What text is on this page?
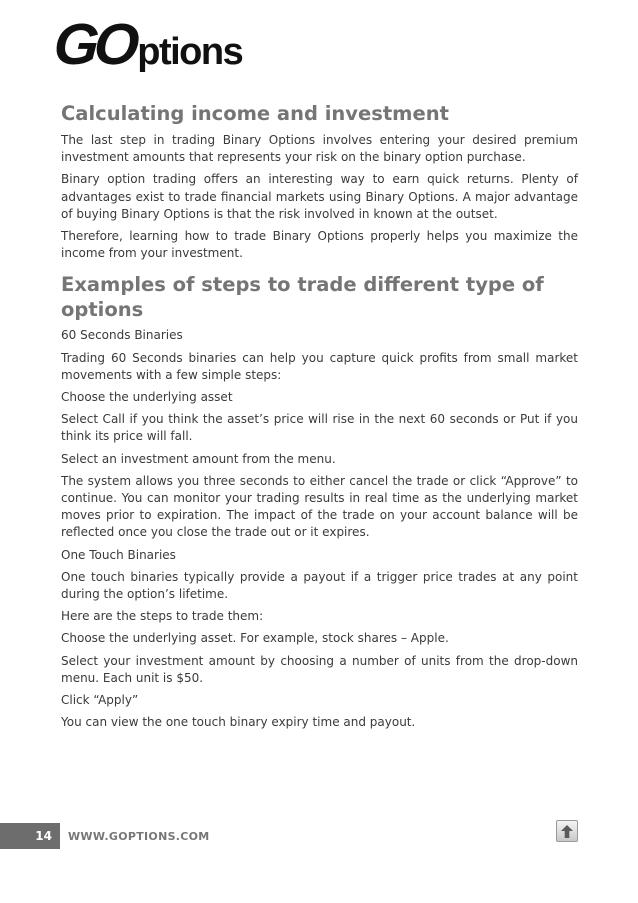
GO ptions
Calculating income and investment

The last step in trading Binary Options involves entering your desired premium investment amounts that represents your risk on the binary option purchase.

Binary option trading offers an interesting way to earn quick returns. Plenty of advantages exist to trade financial markets using Binary Options. A major advantage of buying Binary Options is that the risk involved in known at the outset.

Therefore, learning how to trade Binary Options properly helps you maximize the income from your investment.

Examples of steps to trade different type of options

60 Seconds Binaries

Trading 60 Seconds binaries can help you capture quick profits from small market movements with a few simple steps:

Choose the underlying asset

Select Call if you think the asset’s price will rise in the next 60 seconds or Put if you think its price will fall.

Select an investment amount from the menu.

The system allows you three seconds to either cancel the trade or click “Approve” to continue. You can monitor your trading results in real time as the underlying market moves prior to expiration. The impact of the trade on your account balance will be reflected once you close the trade out or it expires.

One Touch Binaries

One touch binaries typically provide a payout if a trigger price trades at any point during the option’s lifetime.

Here are the steps to trade them:

Choose the underlying asset. For example, stock shares – Apple.

Select your investment amount by choosing a number of units from the drop-down menu. Each unit is $50.

Click “Apply”

You can view the one touch binary expiry time and payout.

14	WWW.GOPTIONS.COM
